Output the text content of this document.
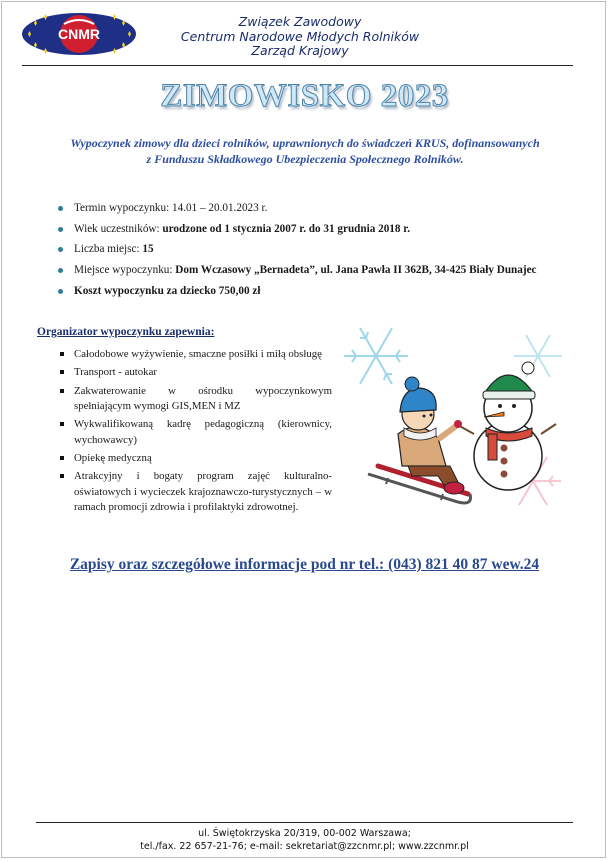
CNMR
Związek Zawodowy
Centrum Narodowe Młodych Rolników
Zarząd Krajowy
ZIMOWISKO 2023
Wypoczynek zimowy dla dzieci rolników, uprawnionych do świadczeń KRUS, dofinansowanych
z Funduszu Składkowego Ubezpieczenia Społecznego Rolników.
Termin wypoczynku: 14.01 – 20.01.2023 r.
Wiek uczestników: urodzone od 1 stycznia 2007 r. do 31 grudnia 2018 r.
Liczba miejsc: 15
Miejsce wypoczynku: Dom Wczasowy „Bernadeta”, ul. Jana Pawła II 362B, 34-425 Biały Dunajec
Koszt wypoczynku za dziecko 750,00 zł
Organizator wypoczynku zapewnia:
Całodobowe wyżywienie, smaczne posiłki i miłą obsługę
Transport - autokar
Zakwaterowanie w ośrodku wypoczynkowym spełniającym wymogi GIS,MEN i MZ
Wykwalifikowaną kadrę pedagogiczną (kierownicy, wychowawcy)
Opiekę medyczną
Atrakcyjny i bogaty program zajęć kulturalno-oświatowych i wycieczek krajoznawczo-turystycznych – w ramach promocji zdrowia i profilaktyki zdrowotnej.
Zapisy oraz szczegółowe informacje pod nr tel.: (043) 821 40 87 wew.24
ul. Świętokrzyska 20/319, 00-002 Warszawa;
tel./fax. 22 657-21-76; e-mail: sekretariat@zzcnmr.pl; www.zzcnmr.pl
